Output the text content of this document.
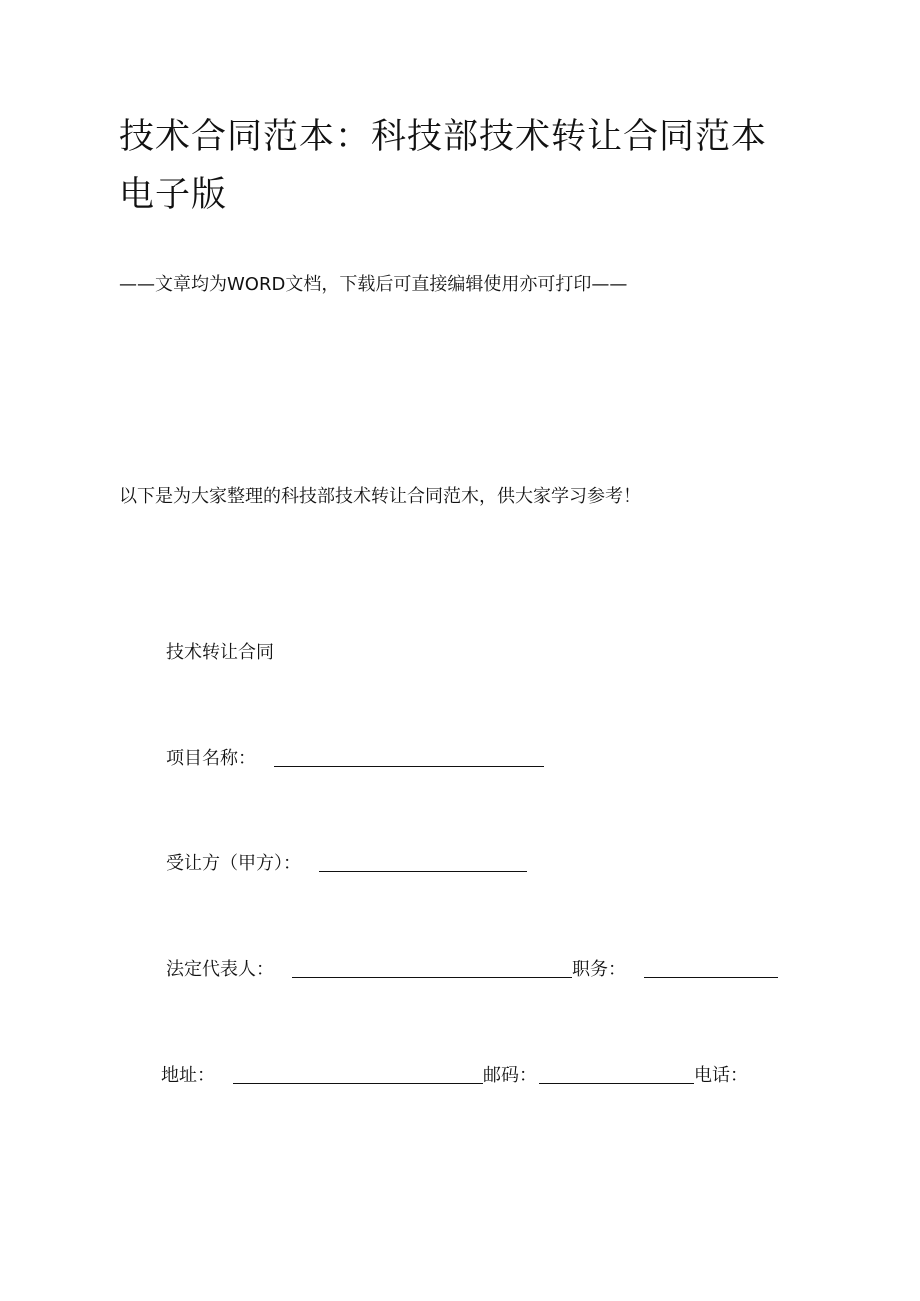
技术合同范本：科技部技术转让合同范本电子版
——文章均为WORD文档，下载后可直接编辑使用亦可打印——
以下是为大家整理的科技部技术转让合同范木，供大家学习参考！
技术转让合同
项目名称：
受让方（甲方）：
法定代表人：	职务：
地址：	邮码：	电话：
